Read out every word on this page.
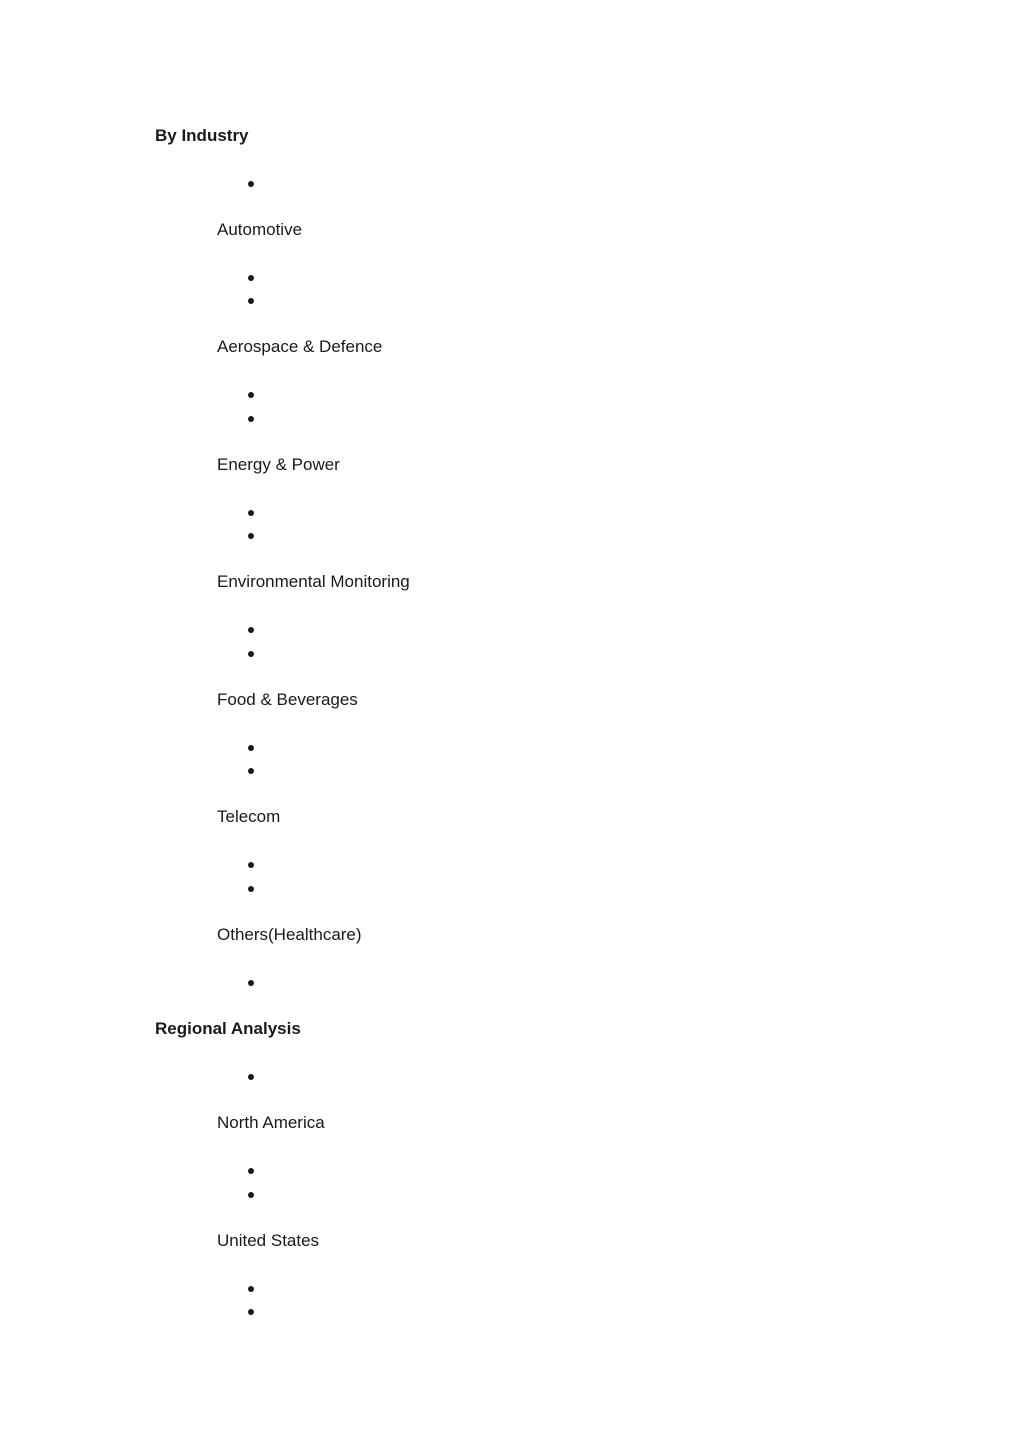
By Industry

Automotive

Aerospace & Defence

Energy & Power

Environmental Monitoring

Food & Beverages

Telecom

Others(Healthcare)

Regional Analysis

North America

United States
